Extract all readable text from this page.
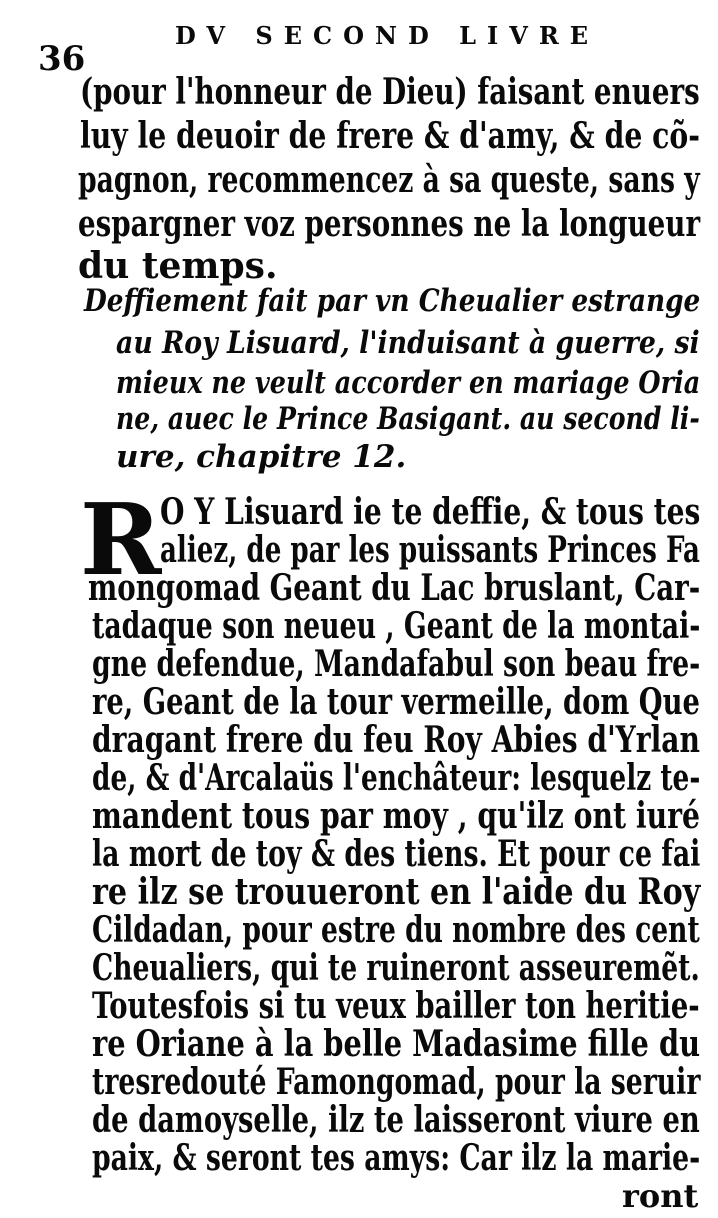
36
DV SECOND LIVRE
(pour l'honneur de Dieu) faisant enuers
luy le deuoir de frere & d'amy, & de cõ-
pagnon, recommencez à sa queste, sans y
espargner voz personnes ne la longueur
du temps.
Deffiement fait par vn Cheualier estrange
au Roy Lisuard, l'induisant à guerre, si
mieux ne veult accorder en mariage Oria
ne, auec le Prince Basigant. au second li-
ure, chapitre 12.
R
O Y Lisuard ie te deffie, & tous tes
aliez, de par les puissants Princes Fa
mongomad Geant du Lac bruslant, Car-
tadaque son neueu , Geant de la montai-
gne defendue, Mandafabul son beau fre-
re, Geant de la tour vermeille, dom Que
dragant frere du feu Roy Abies d'Yrlan
de, & d'Arcalaüs l'enchâteur: lesquelz te-
mandent tous par moy , qu'ilz ont iuré
la mort de toy & des tiens. Et pour ce fai
re ilz se trouueront en l'aide du Roy
Cildadan, pour estre du nombre des cent
Cheualiers, qui te ruineront asseuremẽt.
Toutesfois si tu veux bailler ton heritie-
re Oriane à la belle Madasime fille du
tresredouté Famongomad, pour la seruir
de damoyselle, ilz te laisseront viure en
paix, & seront tes amys: Car ilz la marie-
ront
